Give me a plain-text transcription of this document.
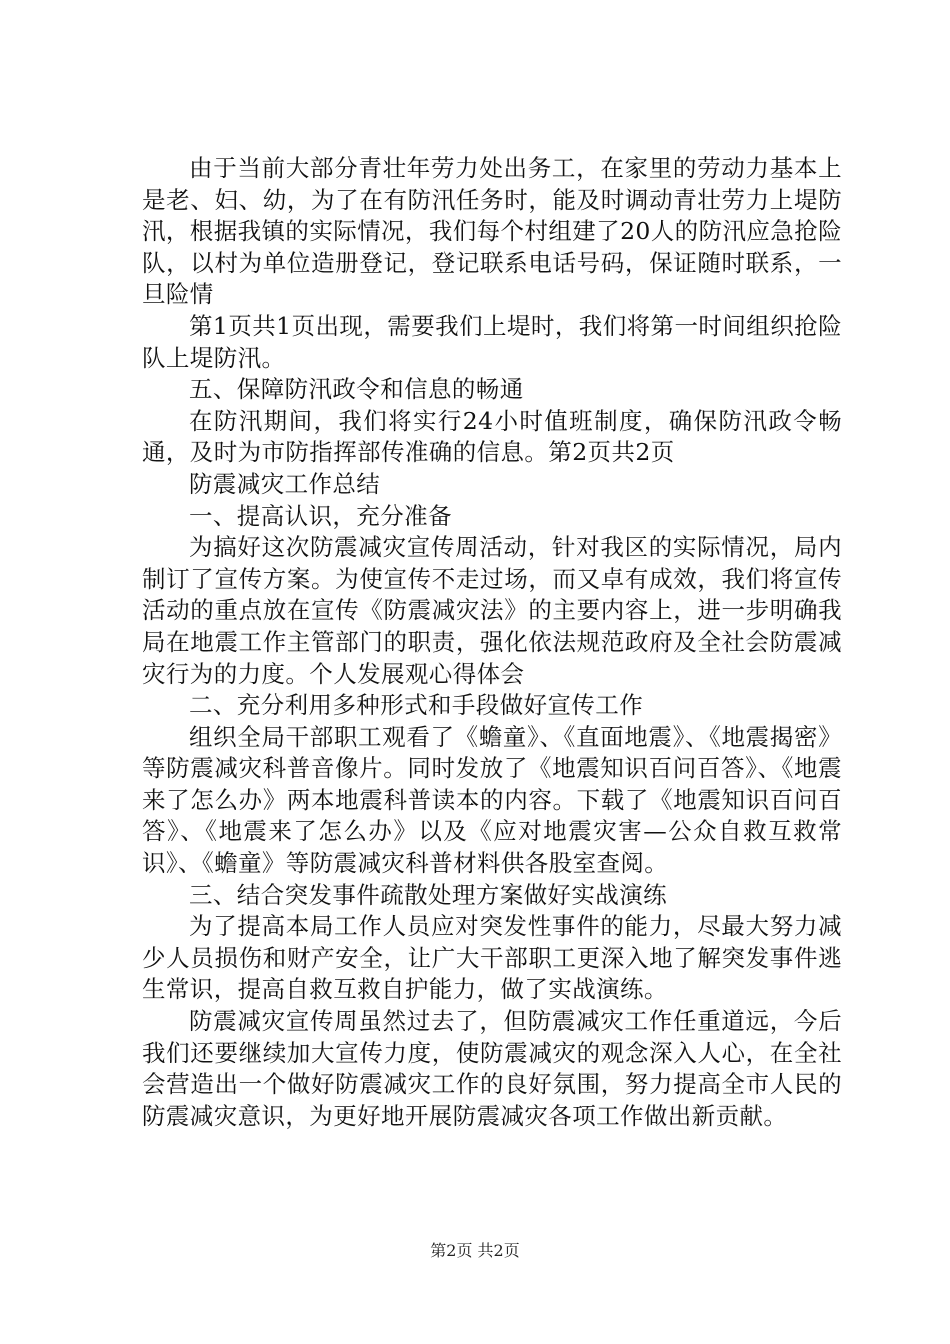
由于当前大部分青壮年劳力处出务工，在家里的劳动力基本上是老、妇、幼，为了在有防汛任务时，能及时调动青壮劳力上堤防汛，根据我镇的实际情况，我们每个村组建了20人的防汛应急抢险队，以村为单位造册登记，登记联系电话号码，保证随时联系，一旦险情

第1页共1页出现，需要我们上堤时，我们将第一时间组织抢险队上堤防汛。

五、保障防汛政令和信息的畅通

在防汛期间，我们将实行24小时值班制度，确保防汛政令畅通，及时为市防指挥部传准确的信息。第2页共2页

防震减灾工作总结

一、提高认识，充分准备

为搞好这次防震减灾宣传周活动，针对我区的实际情况，局内制订了宣传方案。为使宣传不走过场，而又卓有成效，我们将宣传活动的重点放在宣传《防震减灾法》的主要内容上，进一步明确我局在地震工作主管部门的职责，强化依法规范政府及全社会防震减灾行为的力度。个人发展观心得体会

二、充分利用多种形式和手段做好宣传工作

组织全局干部职工观看了《蟾童》、《直面地震》、《地震揭密》等防震减灾科普音像片。同时发放了《地震知识百问百答》、《地震来了怎么办》两本地震科普读本的内容。下载了《地震知识百问百答》、《地震来了怎么办》以及《应对地震灾害—公众自救互救常识》、《蟾童》等防震减灾科普材料供各股室查阅。

三、结合突发事件疏散处理方案做好实战演练

为了提高本局工作人员应对突发性事件的能力，尽最大努力减少人员损伤和财产安全，让广大干部职工更深入地了解突发事件逃生常识，提高自救互救自护能力，做了实战演练。

防震减灾宣传周虽然过去了，但防震减灾工作任重道远，今后我们还要继续加大宣传力度，使防震减灾的观念深入人心，在全社会营造出一个做好防震减灾工作的良好氛围，努力提高全市人民的防震减灾意识，为更好地开展防震减灾各项工作做出新贡献。

第2页 共2页
